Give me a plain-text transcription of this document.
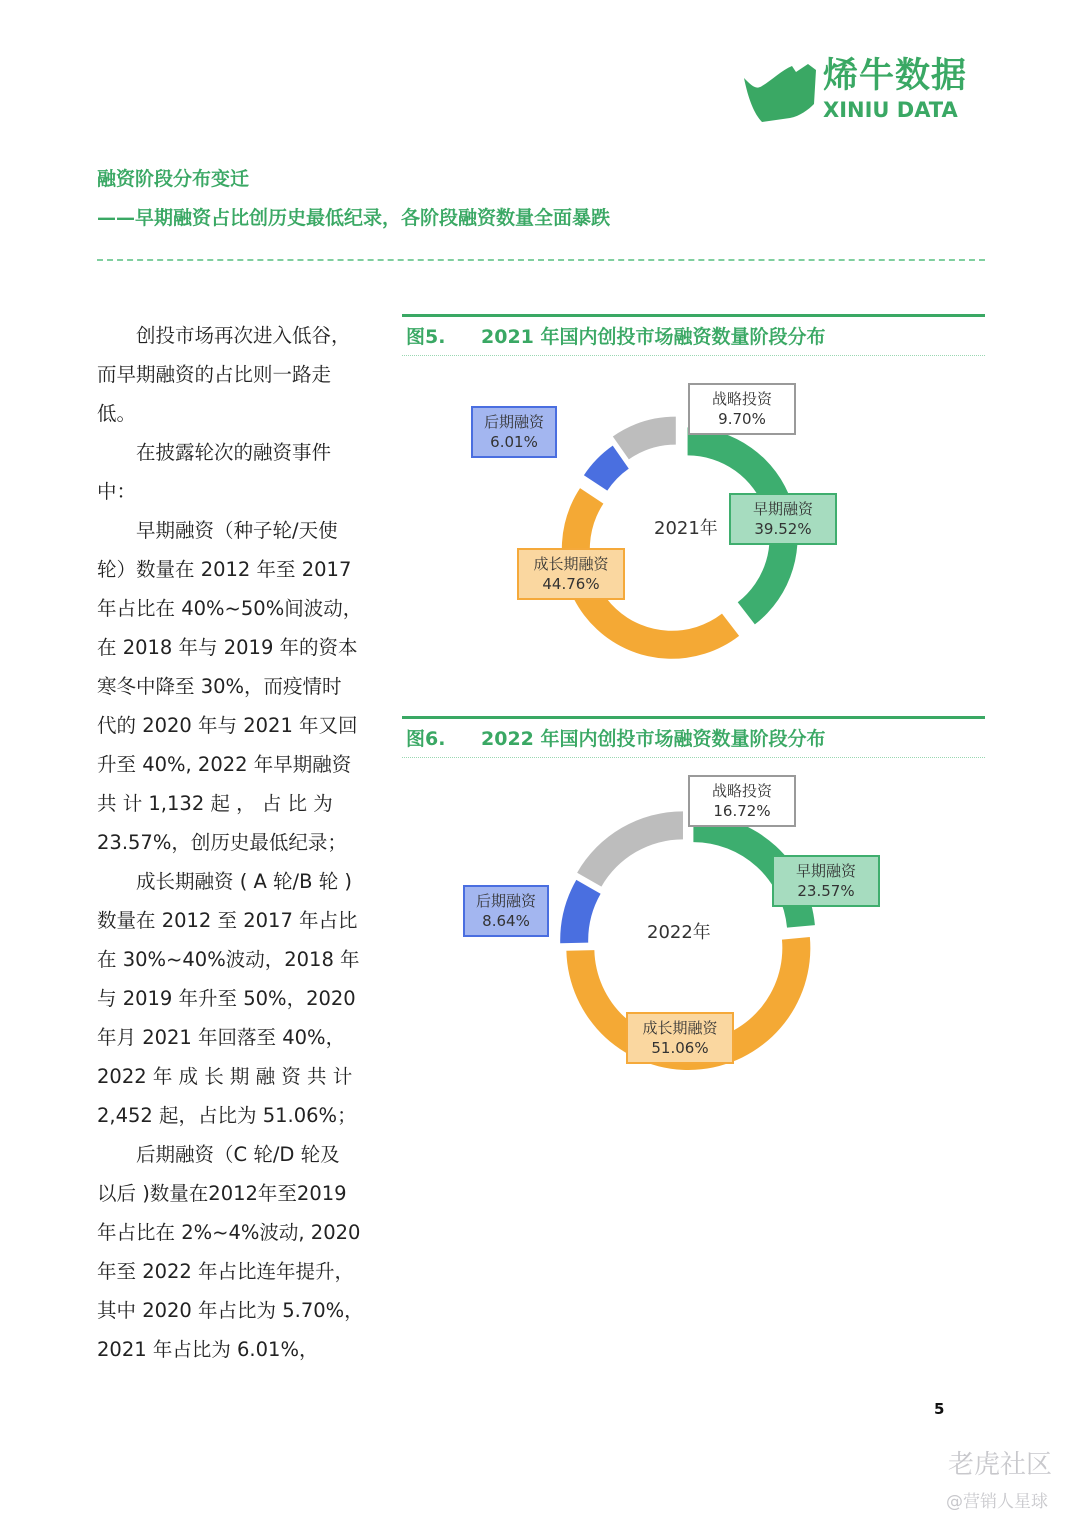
烯牛数据
XINIU DATA
融资阶段分布变迁
——早期融资占比创历史最低纪录，各阶段融资数量全面暴跌
　　创投市场再次进入低谷，
而早期融资的占比则一路走
低。
　　在披露轮次的融资事件
中：
　　早期融资（种子轮/天使
轮）数量在 2012 年至 2017
年占比在 40%~50%间波动，
在 2018 年与 2019 年的资本
寒冬中降至 30%，而疫情时
代的 2020 年与 2021 年又回
升至 40%, 2022 年早期融资
共 计 1,132 起 ， 占 比 为
23.57%，创历史最低纪录；
　　成长期融资 ( A 轮/B 轮 )
数量在 2012 至 2017 年占比
在 30%~40%波动，2018 年
与 2019 年升至 50%，2020
年月 2021 年回落至 40%，
2022 年 成 长 期 融 资 共 计
2,452 起，占比为 51.06%；
　　后期融资（C 轮/D 轮及
以后 )数量在2012年至2019
年占比在 2%~4%波动, 2020
年至 2022 年占比连年提升，
其中 2020 年占比为 5.70%，
2021 年占比为 6.01%，
图5. 2021 年国内创投市场融资数量阶段分布
图6. 2022 年国内创投市场融资数量阶段分布
2021年
2022年
早期融资
39.52%
成长期融资
44.76%
后期融资
6.01%
战略投资
9.70%
早期融资
23.57%
成长期融资
51.06%
后期融资
8.64%
战略投资
16.72%
5
老虎社区
@营销人星球
